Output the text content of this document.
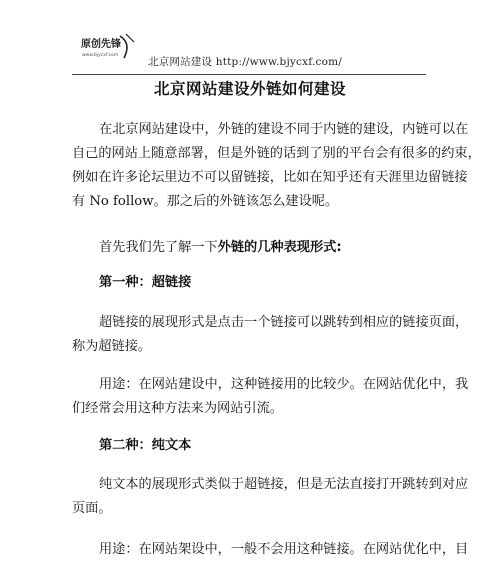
原创先锋
www.bjycxf.com
北京网站建设 http://www.bjycxf.com/
北京网站建设外链如何建设
在北京网站建设中，外链的建设不同于内链的建设，内链可以在
自己的网站上随意部署，但是外链的话到了别的平台会有很多的约束，
例如在许多论坛里边不可以留链接，比如在知乎还有天涯里边留链接
有 No follow。那之后的外链该怎么建设呢。
首先我们先了解一下外链的几种表现形式:
第一种：超链接
超链接的展现形式是点击一个链接可以跳转到相应的链接页面，
称为超链接。
用途：在网站建设中，这种链接用的比较少。在网站优化中，我
们经常会用这种方法来为网站引流。
第二种：纯文本
纯文本的展现形式类似于超链接，但是无法直接打开跳转到对应
页面。
用途：在网站架设中，一般不会用这种链接。在网站优化中，目
